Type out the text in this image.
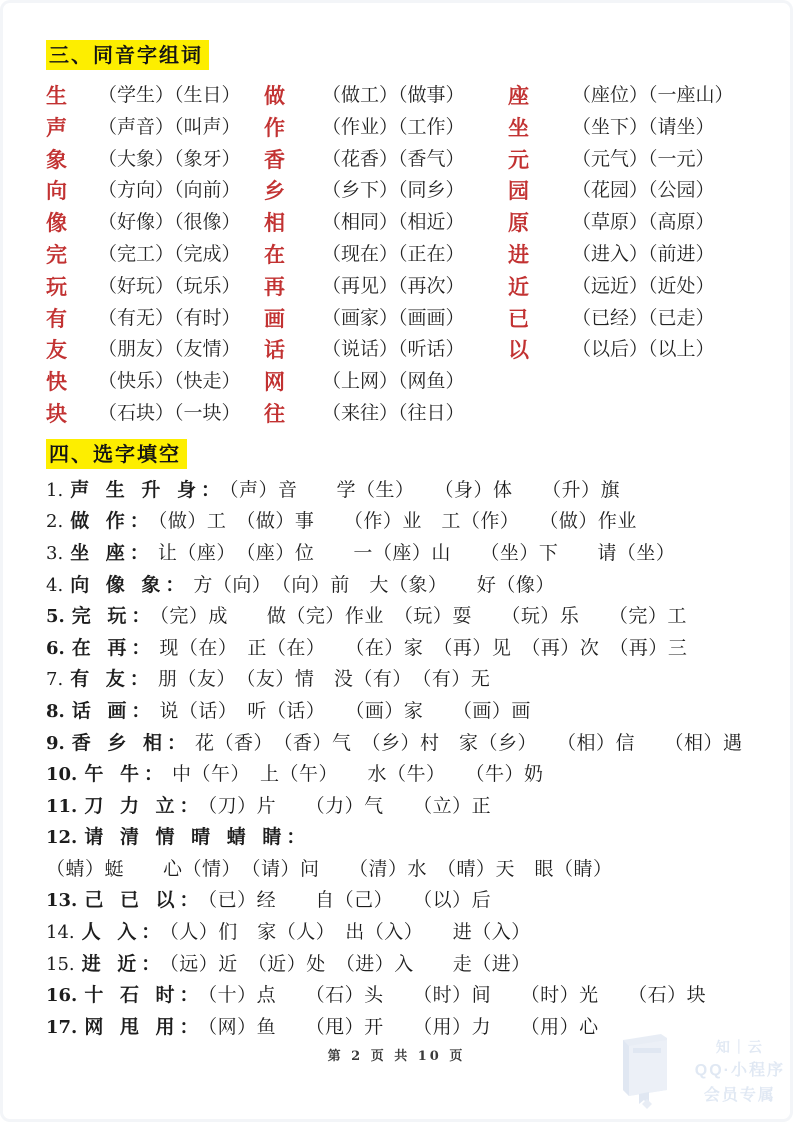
三、同音字组词
生	（学生）（生日）	做	（做工）（做事）	座	（座位）（一座山）
声	（声音）（叫声）	作	（作业）（工作）	坐	（坐下）（请坐）
象	（大象）（象牙）	香	（花香）（香气）	元	（元气）（一元）
向	（方向）（向前）	乡	（乡下）（同乡）	园	（花园）（公园）
像	（好像）（很像）	相	（相同）（相近）	原	（草原）（高原）
完	（完工）（完成）	在	（现在）（正在）	进	（进入）（前进）
玩	（好玩）（玩乐）	再	（再见）（再次）	近	（远近）（近处）
有	（有无）（有时）	画	（画家）（画画）	已	（已经）（已走）
友	（朋友）（友情）	话	（说话）（听话）	以	（以后）（以上）
快	（快乐）（快走）	网	（上网）（网鱼）
块	（石块）（一块）	往	（来往）（往日）
四、选字填空
1. 声 生 升 身： （声）音　　学（生）　　（身）体　　（升）旗
2. 做 作： （做）工　（做）事　　（作）业　工（作）　　（做）作业
3. 坐 座： 让（座）　（座）位　　一（座）山　　（坐）下　　请（坐）
4. 向 像 象： 方（向）　（向）前　大（象）　　好（像）
5. 完 玩： （完）成　　做（完）作业　（玩）耍　　（玩）乐　　（完）工
6. 在 再： 现（在）　正（在）　　（在）家　（再）见　（再）次　（再）三
7. 有 友： 朋（友）　（友）情　没（有）　（有）无
8. 话 画： 说（话）　听（话）　　（画）家　　（画）画
9. 香 乡 相： 花（香）　（香）气　（乡）村　家（乡）　　（相）信　　（相）遇
10. 午 牛： 中（午）　上（午）　　水（牛）　　（牛）奶
11. 刀 力 立： （刀）片　　（力）气　　（立）正
12. 请 清 情 晴 蜻 睛：
（蜻）蜓　　心（情）　（请）问　　（清）水　（晴）天　眼（睛）
13. 己 已 以： （已）经　　自（己）　　（以）后
14. 人 入： （人）们　家（人）　出（入）　　进（入）
15. 进 近： （远）近　（近）处　（进）入　　走（进）
16. 十 石 时： （十）点　　（石）头　　（时）间　　（时）光　　（石）块
17. 网 甩 用： （网）鱼　　（甩）开　　（用）力　　（用）心
第 2 页 共 10 页
知｜云
QQ·小程序
会员专属
